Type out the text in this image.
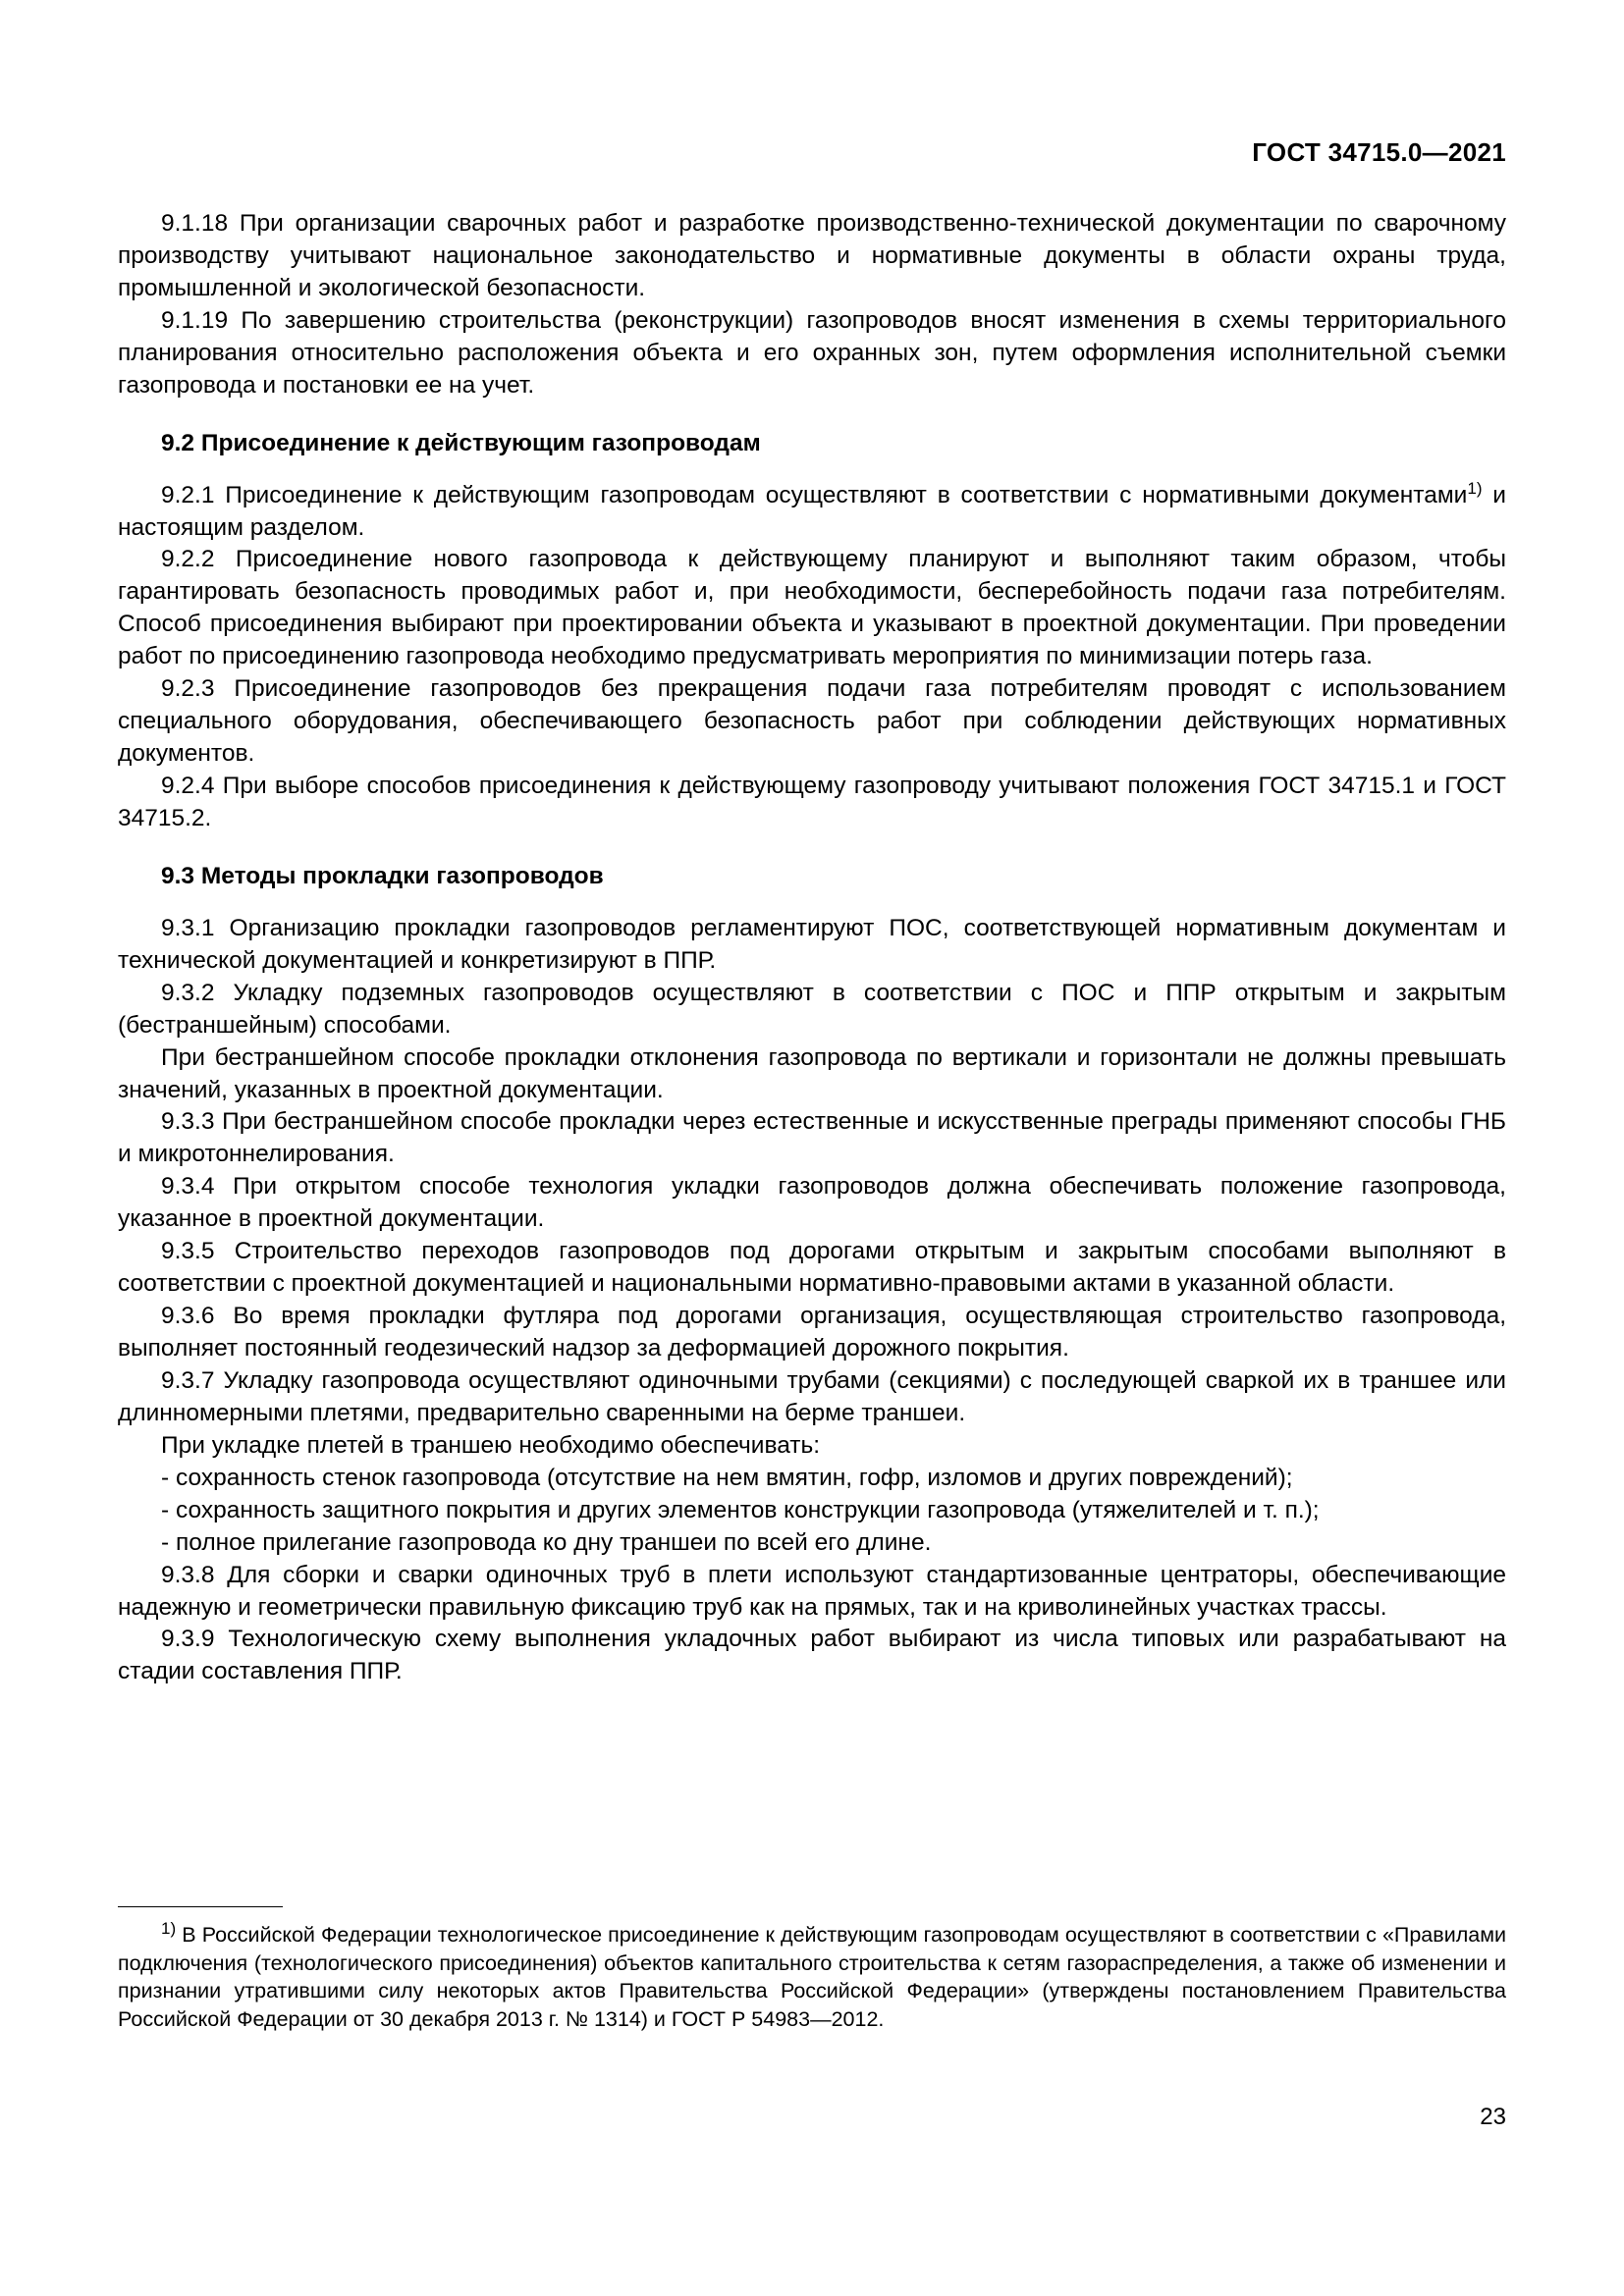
ГОСТ 34715.0—2021

9.1.18 При организации сварочных работ и разработке производственно-технической документации по сварочному производству учитывают национальное законодательство и нормативные документы в области охраны труда, промышленной и экологической безопасности.

9.1.19 По завершению строительства (реконструкции) газопроводов вносят изменения в схемы территориального планирования относительно расположения объекта и его охранных зон, путем оформления исполнительной съемки газопровода и постановки ее на учет.

9.2 Присоединение к действующим газопроводам

9.2.1 Присоединение к действующим газопроводам осуществляют в соответствии с нормативными документами$^{1)}$ и настоящим разделом.

9.2.2 Присоединение нового газопровода к действующему планируют и выполняют таким образом, чтобы гарантировать безопасность проводимых работ и, при необходимости, бесперебойность подачи газа потребителям. Способ присоединения выбирают при проектировании объекта и указывают в проектной документации. При проведении работ по присоединению газопровода необходимо предусматривать мероприятия по минимизации потерь газа.

9.2.3 Присоединение газопроводов без прекращения подачи газа потребителям проводят с использованием специального оборудования, обеспечивающего безопасность работ при соблюдении действующих нормативных документов.

9.2.4 При выборе способов присоединения к действующему газопроводу учитывают положения ГОСТ 34715.1 и ГОСТ 34715.2.

9.3 Методы прокладки газопроводов

9.3.1 Организацию прокладки газопроводов регламентируют ПОС, соответствующей нормативным документам и технической документацией и конкретизируют в ППР.

9.3.2 Укладку подземных газопроводов осуществляют в соответствии с ПОС и ППР открытым и закрытым (бестраншейным) способами.

При бестраншейном способе прокладки отклонения газопровода по вертикали и горизонтали не должны превышать значений, указанных в проектной документации.

9.3.3 При бестраншейном способе прокладки через естественные и искусственные преграды применяют способы ГНБ и микротоннелирования.

9.3.4 При открытом способе технология укладки газопроводов должна обеспечивать положение газопровода, указанное в проектной документации.

9.3.5 Строительство переходов газопроводов под дорогами открытым и закрытым способами выполняют в соответствии с проектной документацией и национальными нормативно-правовыми актами в указанной области.

9.3.6 Во время прокладки футляра под дорогами организация, осуществляющая строительство газопровода, выполняет постоянный геодезический надзор за деформацией дорожного покрытия.

9.3.7 Укладку газопровода осуществляют одиночными трубами (секциями) с последующей сваркой их в траншее или длинномерными плетями, предварительно сваренными на берме траншеи.

При укладке плетей в траншею необходимо обеспечивать:

- сохранность стенок газопровода (отсутствие на нем вмятин, гофр, изломов и других повреждений);

- сохранность защитного покрытия и других элементов конструкции газопровода (утяжелителей и т. п.);

- полное прилегание газопровода ко дну траншеи по всей его длине.

9.3.8 Для сборки и сварки одиночных труб в плети используют стандартизованные центраторы, обеспечивающие надежную и геометрически правильную фиксацию труб как на прямых, так и на криволинейных участках трассы.

9.3.9 Технологическую схему выполнения укладочных работ выбирают из числа типовых или разрабатывают на стадии составления ППР.

$^{1)}$ В Российской Федерации технологическое присоединение к действующим газопроводам осуществляют в соответствии с «Правилами подключения (технологического присоединения) объектов капитального строительства к сетям газораспределения, а также об изменении и признании утратившими силу некоторых актов Правительства Российской Федерации» (утверждены постановлением Правительства Российской Федерации от 30 декабря 2013 г. № 1314) и ГОСТ Р 54983—2012.
23
